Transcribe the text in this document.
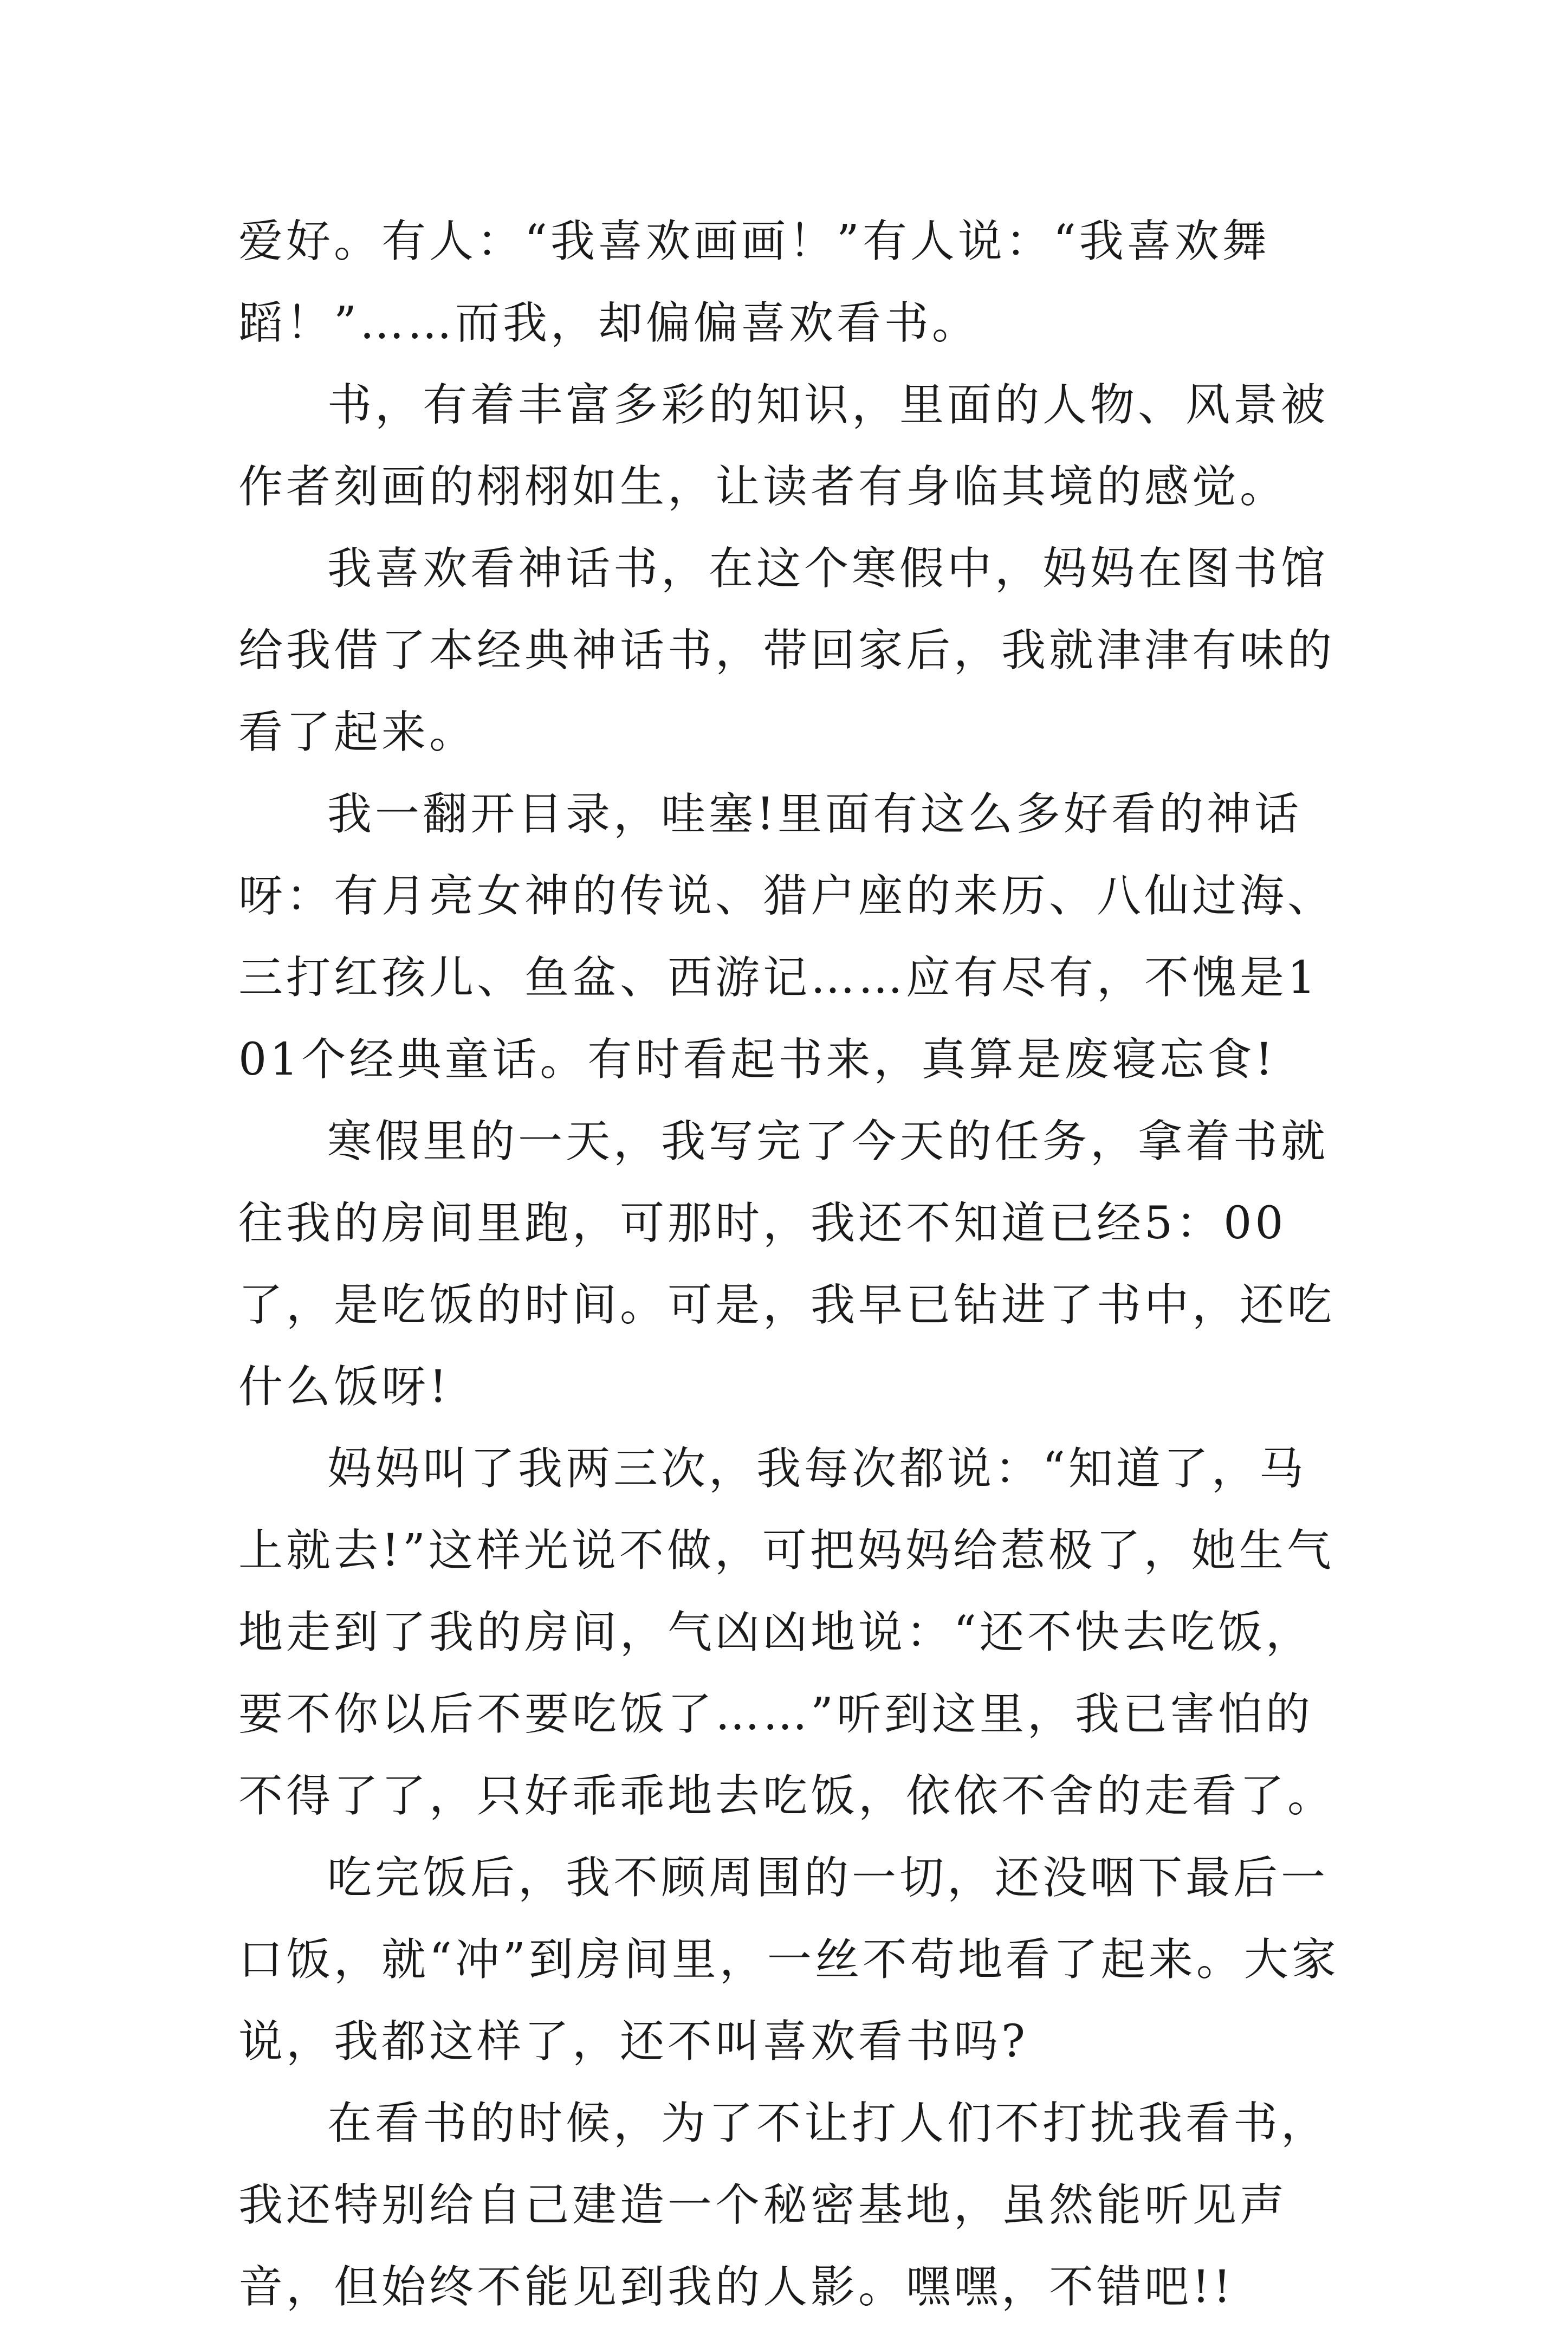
爱好。有人：“我喜欢画画！”有人说：“我喜欢舞蹈！”……而我，却偏偏喜欢看书。

书，有着丰富多彩的知识，里面的人物、风景被作者刻画的栩栩如生，让读者有身临其境的感觉。

我喜欢看神话书，在这个寒假中，妈妈在图书馆给我借了本经典神话书，带回家后，我就津津有味的看了起来。

我一翻开目录，哇塞!里面有这么多好看的神话呀：有月亮女神的传说、猎户座的来历、八仙过海、三打红孩儿、鱼盆、西游记……应有尽有，不愧是101个经典童话。有时看起书来，真算是废寝忘食!

寒假里的一天，我写完了今天的任务，拿着书就往我的房间里跑，可那时，我还不知道已经5：00了，是吃饭的时间。可是，我早已钻进了书中，还吃什么饭呀!

妈妈叫了我两三次，我每次都说：“知道了，马上就去!”这样光说不做，可把妈妈给惹极了，她生气地走到了我的房间，气凶凶地说：“还不快去吃饭，要不你以后不要吃饭了……”听到这里，我已害怕的不得了了，只好乖乖地去吃饭，依依不舍的走看了。

吃完饭后，我不顾周围的一切，还没咽下最后一口饭，就“冲”到房间里，一丝不苟地看了起来。大家说，我都这样了，还不叫喜欢看书吗?

在看书的时候，为了不让打人们不打扰我看书，我还特别给自己建造一个秘密基地，虽然能听见声音，但始终不能见到我的人影。嘿嘿，不错吧!!
